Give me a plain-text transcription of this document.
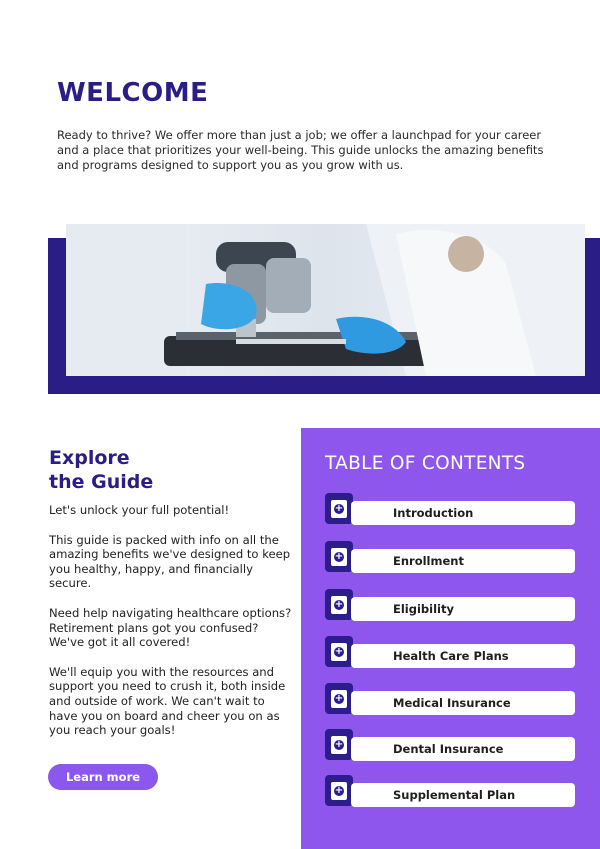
WELCOME

Ready to thrive? We offer more than just a job; we offer a launchpad for your career and a place that prioritizes your well-being. This guide unlocks the amazing benefits and programs designed to support you as you grow with us.

Explore
the Guide

Let's unlock your full potential!

This guide is packed with info on all the amazing benefits we've designed to keep you healthy, happy, and financially secure.

Need help navigating healthcare options? Retirement plans got you confused? We've got it all covered!

We'll equip you with the resources and support you need to crush it, both inside and outside of work. We can't wait to have you on board and cheer you on as you reach your goals!

Learn more
TABLE OF CONTENTS
+
Introduction
+
Enrollment
+
Eligibility
+
Health Care Plans
+
Medical Insurance
+
Dental Insurance
+
Supplemental Plan
